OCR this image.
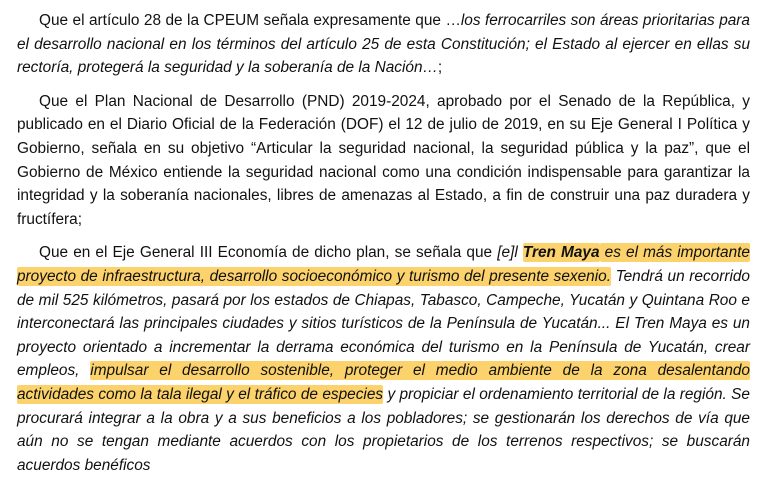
Que el artículo 28 de la CPEUM señala expresamente que …los ferrocarriles son áreas prioritarias para el desarrollo nacional en los términos del artículo 25 de esta Constitución; el Estado al ejercer en ellas su rectoría, protegerá la seguridad y la soberanía de la Nación…;

Que el Plan Nacional de Desarrollo (PND) 2019-2024, aprobado por el Senado de la República, y publicado en el Diario Oficial de la Federación (DOF) el 12 de julio de 2019, en su Eje General I Política y Gobierno, señala en su objetivo “Articular la seguridad nacional, la seguridad pública y la paz”, que el Gobierno de México entiende la seguridad nacional como una condición indispensable para garantizar la integridad y la soberanía nacionales, libres de amenazas al Estado, a fin de construir una paz duradera y fructífera;

Que en el Eje General III Economía de dicho plan, se señala que [e]l Tren Maya es el más importante proyecto de infraestructura, desarrollo socioeconómico y turismo del presente sexenio. Tendrá un recorrido de mil 525 kilómetros, pasará por los estados de Chiapas, Tabasco, Campeche, Yucatán y Quintana Roo e interconectará las principales ciudades y sitios turísticos de la Península de Yucatán... El Tren Maya es un proyecto orientado a incrementar la derrama económica del turismo en la Península de Yucatán, crear empleos, impulsar el desarrollo sostenible, proteger el medio ambiente de la zona desalentando actividades como la tala ilegal y el tráfico de especies y propiciar el ordenamiento territorial de la región. Se procurará integrar a la obra y a sus beneficios a los pobladores; se gestionarán los derechos de vía que aún no se tengan mediante acuerdos con los propietarios de los terrenos respectivos; se buscarán acuerdos benéficos
